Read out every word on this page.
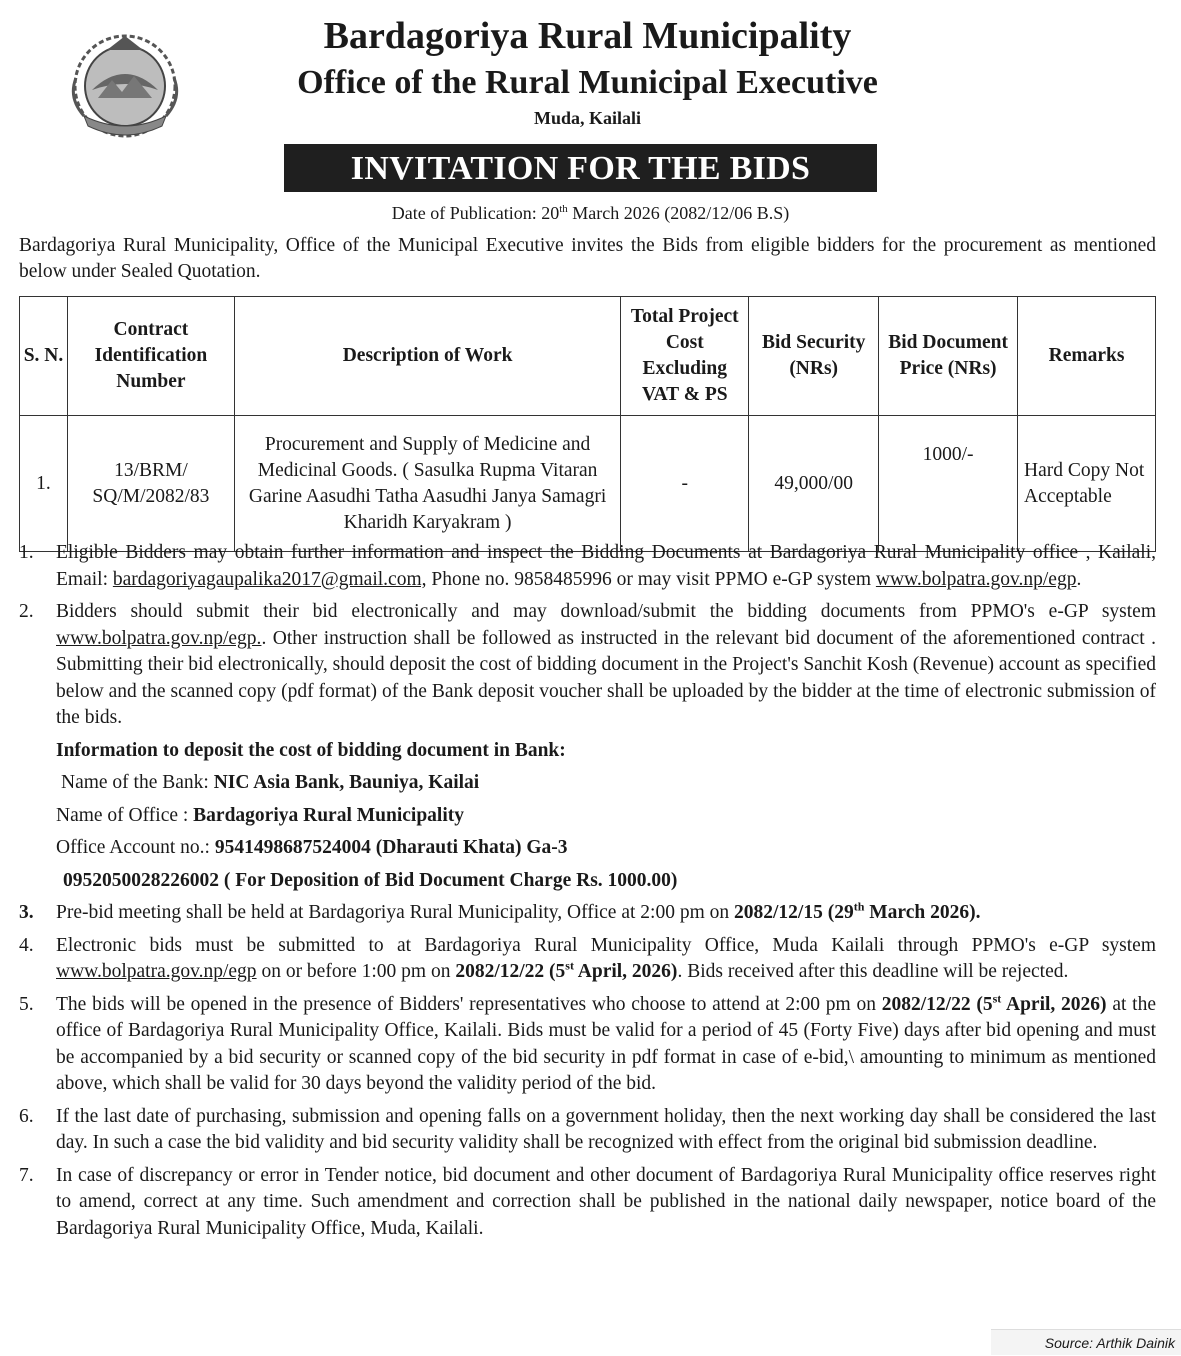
Bardagoriya Rural Municipality
Office of the Rural Municipal Executive
Muda, Kailali
INVITATION FOR THE BIDS
Date of Publication: 20th March 2026 (2082/12/06 B.S)
Bardagoriya Rural Municipality, Office of the Municipal Executive invites the Bids from eligible bidders for the procurement as mentioned below under Sealed Quotation.
S. N.	Contract Identification Number	Description of Work	Total Project Cost Excluding VAT & PS	Bid Security (NRs)	Bid Document Price (NRs)	Remarks
1.	13/BRM/ SQ/M/2082/83	Procurement and Supply of Medicine and Medicinal Goods. ( Sasulka Rupma Vitaran Garine Aasudhi Tatha Aasudhi Janya Samagri Kharidh Karyakram )	-	49,000/00	1000/-	Hard Copy Not Acceptable
1. Eligible Bidders may obtain further information and inspect the Bidding Documents at Bardagoriya Rural Municipality office , Kailali, Email: bardagoriyagaupalika2017@gmail.com, Phone no. 9858485996 or may visit PPMO e-GP system www.bolpatra.gov.np/egp.
2. Bidders should submit their bid electronically and may download/submit the bidding documents from PPMO's e-GP system www.bolpatra.gov.np/egp.. Other instruction shall be followed as instructed in the relevant bid document of the aforementioned contract . Submitting their bid electronically, should deposit the cost of bidding document in the Project's Sanchit Kosh (Revenue) account as specified below and the scanned copy (pdf format) of the Bank deposit voucher shall be uploaded by the bidder at the time of electronic submission of the bids.
Information to deposit the cost of bidding document in Bank:
Name of the Bank: NIC Asia Bank, Bauniya, Kailai
Name of Office : Bardagoriya Rural Municipality
Office Account no.: 9541498687524004 (Dharauti Khata) Ga-3
0952050028226002 ( For Deposition of Bid Document Charge Rs. 1000.00)
3. Pre-bid meeting shall be held at Bardagoriya Rural Municipality, Office at 2:00 pm on 2082/12/15 (29th March 2026).
4. Electronic bids must be submitted to at Bardagoriya Rural Municipality Office, Muda Kailali through PPMO's e-GP system www.bolpatra.gov.np/egp on or before 1:00 pm on 2082/12/22 (5st April, 2026). Bids received after this deadline will be rejected.
5. The bids will be opened in the presence of Bidders' representatives who choose to attend at 2:00 pm on 2082/12/22 (5st April, 2026) at the office of Bardagoriya Rural Municipality Office, Kailali. Bids must be valid for a period of 45 (Forty Five) days after bid opening and must be accompanied by a bid security or scanned copy of the bid security in pdf format in case of e-bid,\ amounting to minimum as mentioned above, which shall be valid for 30 days beyond the validity period of the bid.
6. If the last date of purchasing, submission and opening falls on a government holiday, then the next working day shall be considered the last day. In such a case the bid validity and bid security validity shall be recognized with effect from the original bid submission deadline.
7. In case of discrepancy or error in Tender notice, bid document and other document of Bardagoriya Rural Municipality office reserves right to amend, correct at any time. Such amendment and correction shall be published in the national daily newspaper, notice board of the Bardagoriya Rural Municipality Office, Muda, Kailali.
Source: Arthik Dainik
